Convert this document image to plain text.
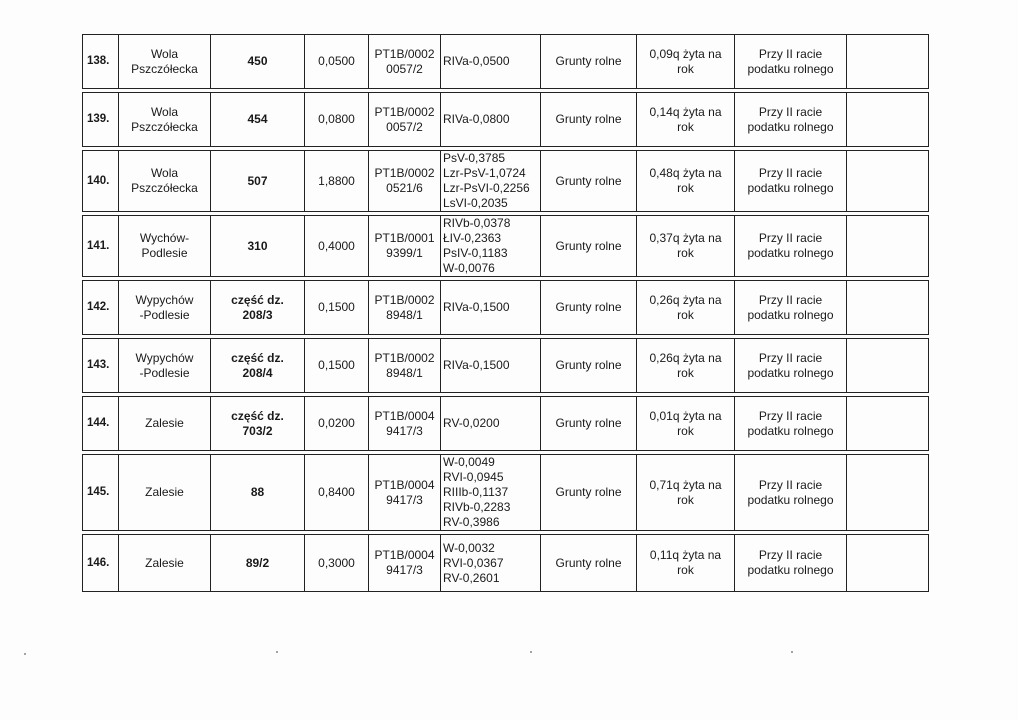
138.	Wola
Pszczółecka	450	0,0500	PT1B/0002
0057/2	RIVa-0,0500	Grunty rolne	0,09q żyta na
rok	Przy II racie
podatku rolnego	

139.	Wola
Pszczółecka	454	0,0800	PT1B/0002
0057/2	RIVa-0,0800	Grunty rolne	0,14q żyta na
rok	Przy II racie
podatku rolnego	

140.	Wola
Pszczółecka	507	1,8800	PT1B/0002
0521/6	PsV-0,3785
Lzr-PsV-1,0724
Lzr-PsVI-0,2256
LsVI-0,2035	Grunty rolne	0,48q żyta na
rok	Przy II racie
podatku rolnego	

141.	Wychów-
Podlesie	310	0,4000	PT1B/0001
9399/1	RIVb-0,0378
ŁIV-0,2363
PsIV-0,1183
W-0,0076	Grunty rolne	0,37q żyta na
rok	Przy II racie
podatku rolnego	

142.	Wypychów
-Podlesie	część dz.
208/3	0,1500	PT1B/0002
8948/1	RIVa-0,1500	Grunty rolne	0,26q żyta na
rok	Przy II racie
podatku rolnego	

143.	Wypychów
-Podlesie	część dz.
208/4	0,1500	PT1B/0002
8948/1	RIVa-0,1500	Grunty rolne	0,26q żyta na
rok	Przy II racie
podatku rolnego	

144.	Zalesie	część dz.
703/2	0,0200	PT1B/0004
9417/3	RV-0,0200	Grunty rolne	0,01q żyta na
rok	Przy II racie
podatku rolnego	

145.	Zalesie	88	0,8400	PT1B/0004
9417/3	W-0,0049
RVI-0,0945
RIIIb-0,1137
RIVb-0,2283
RV-0,3986	Grunty rolne	0,71q żyta na
rok	Przy II racie
podatku rolnego	

146.	Zalesie	89/2	0,3000	PT1B/0004
9417/3	W-0,0032
RVI-0,0367
RV-0,2601	Grunty rolne	0,11q żyta na
rok	Przy II racie
podatku rolnego	
